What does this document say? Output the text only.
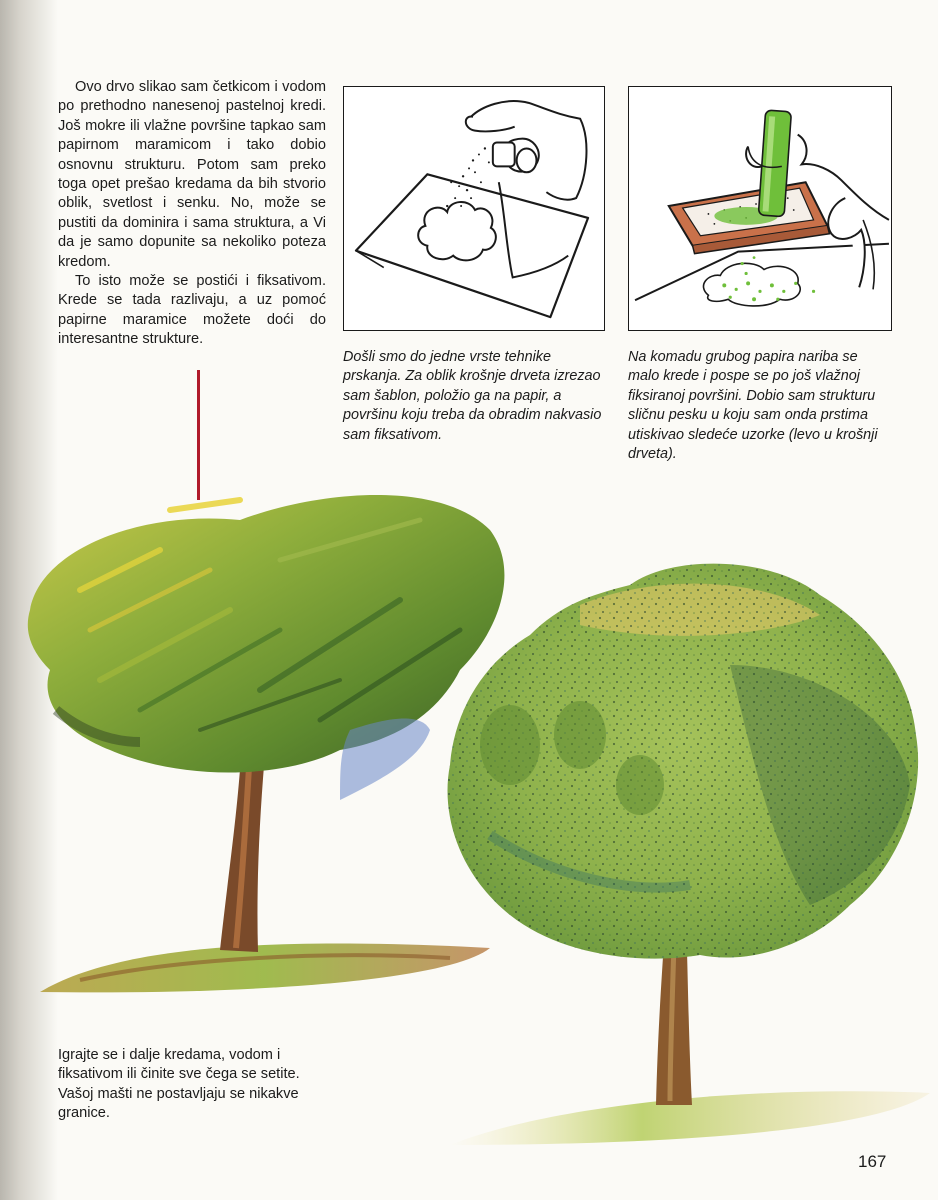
Ovo drvo slikao sam četkicom i vodom po prethodno nanesenoj pastelnoj kredi. Još mokre ili vlažne površine tapkao sam papirnom maramicom i tako dobio osnovnu strukturu. Potom sam preko toga opet prešao kredama da bih stvorio oblik, svetlost i senku. No, može se pustiti da dominira i sama struktura, a Vi da je samo dopunite sa nekoliko poteza kredom.

To isto može se postići i fiksativom. Krede se tada razlivaju, a uz pomoć papirne maramice možete doći do interesantne strukture.

Došli smo do jedne vrste tehnike prskanja. Za oblik krošnje drveta izrezao sam šablon, položio ga na papir, a površinu koju treba da obradim nakvasio sam fiksativom.
Na komadu grubog papira nariba se malo krede i pospe se po još vlažnoj fiksiranoj površini. Dobio sam strukturu sličnu pesku u koju sam onda prstima utiskivao sledeće uzorke (levo u krošnji drveta).
Igrajte se i dalje kredama, vodom i fiksativom ili činite sve čega se setite. Vašoj mašti ne postavljaju se nikakve granice.
167
